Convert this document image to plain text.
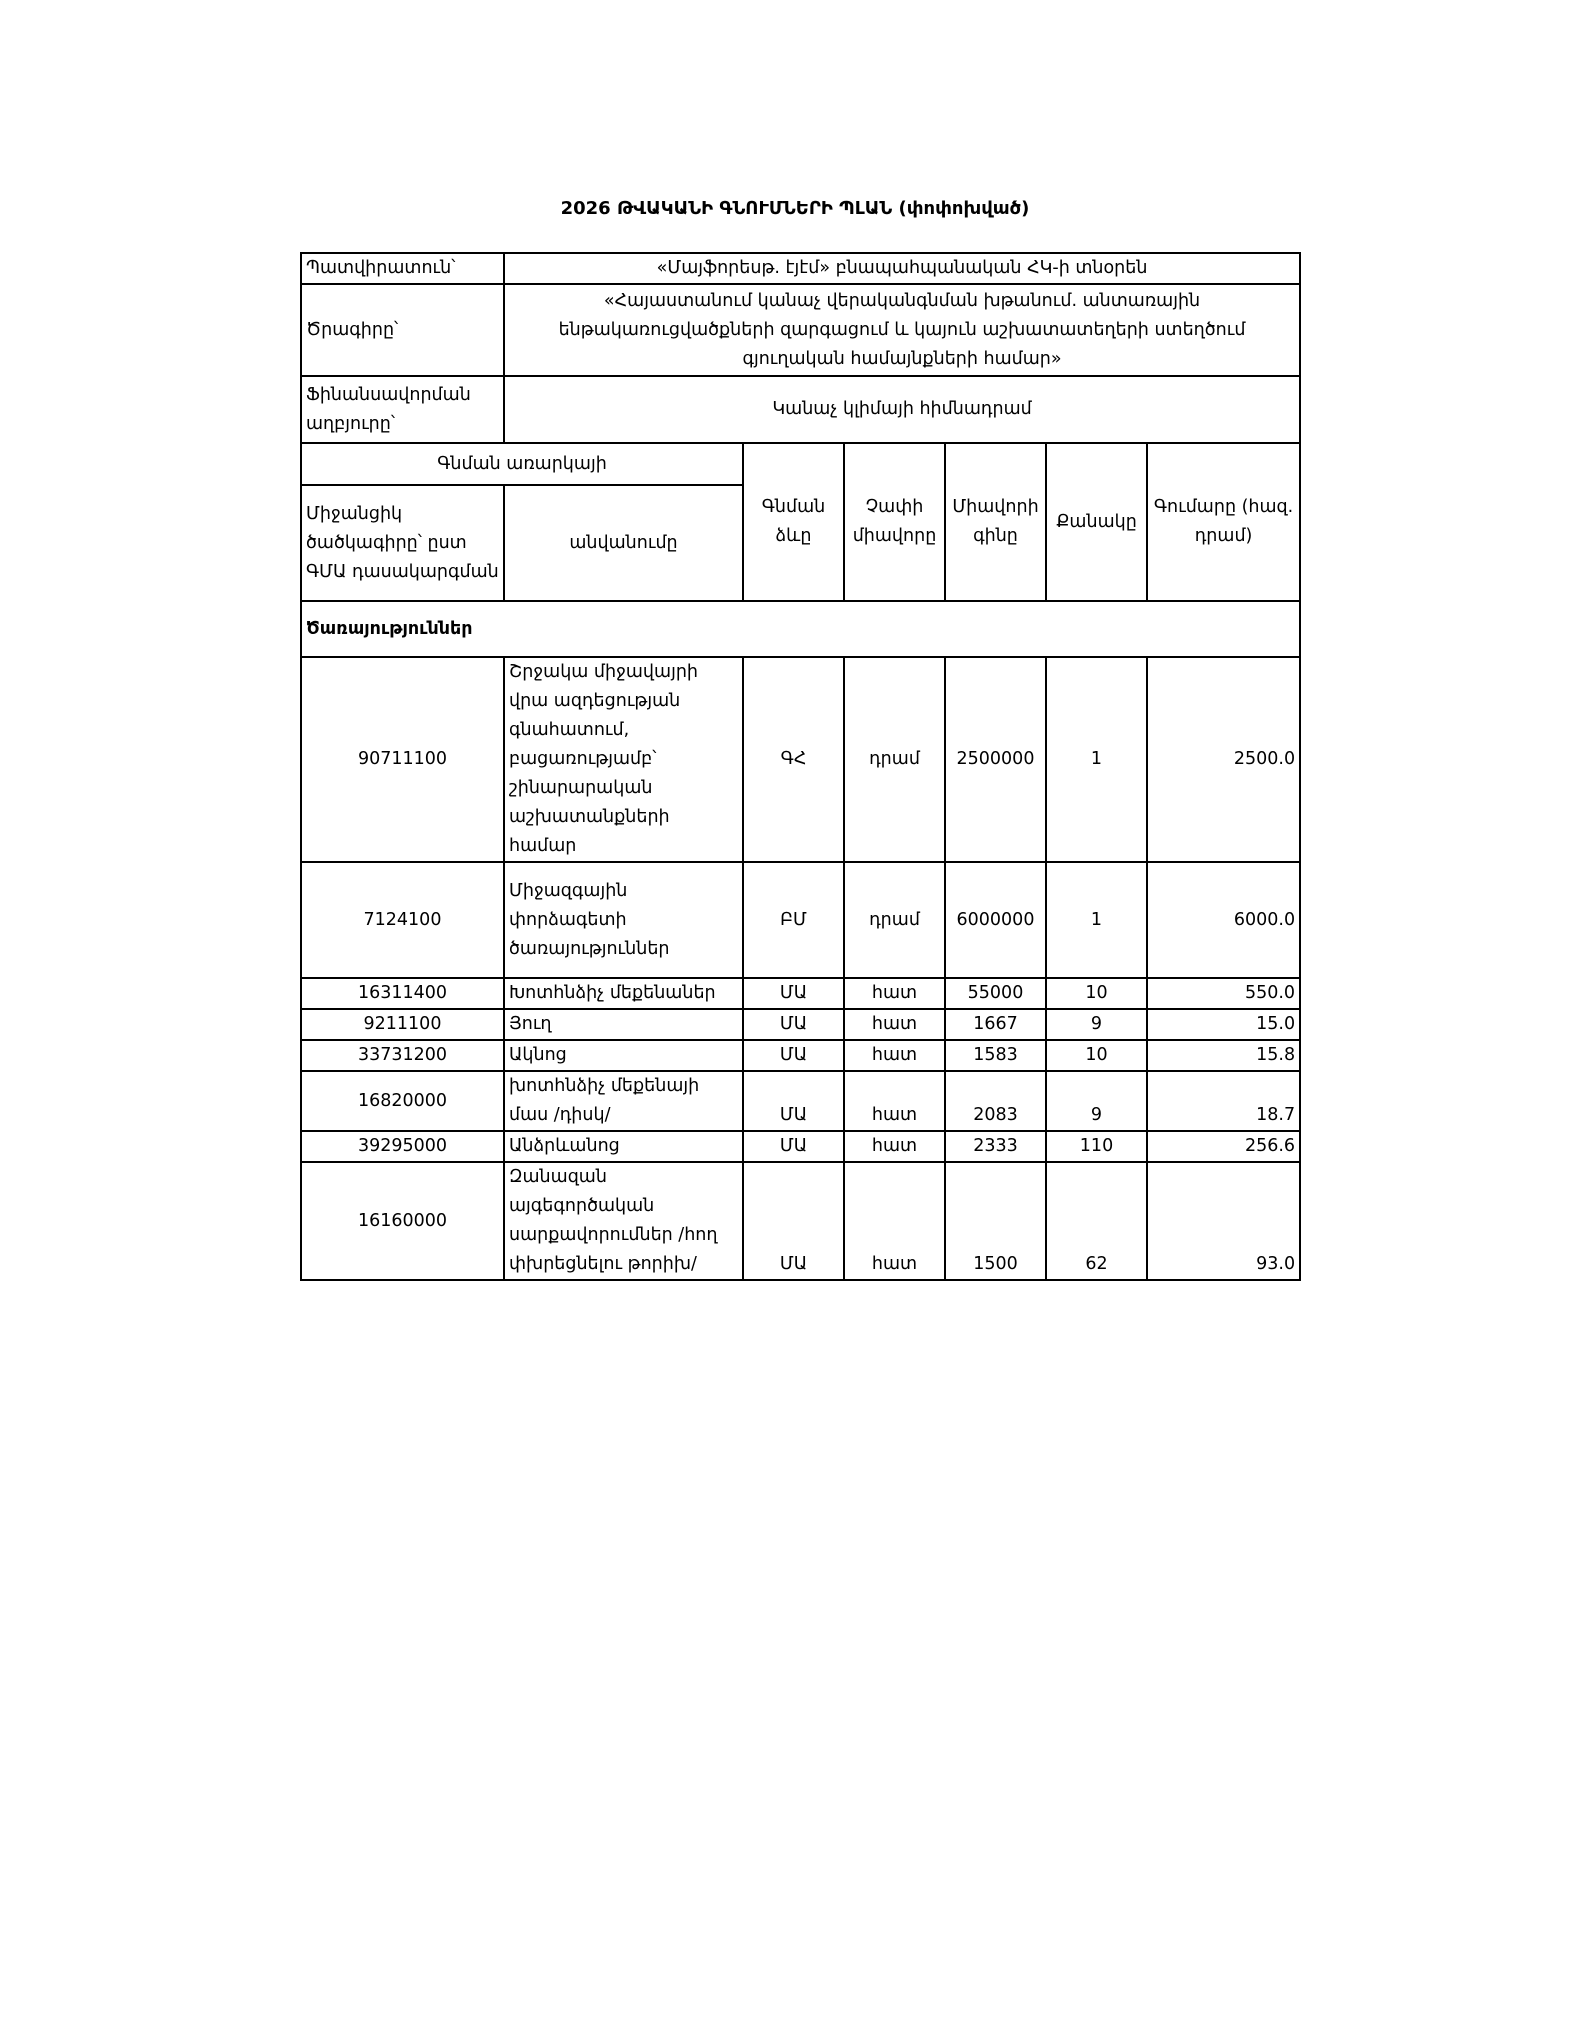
2026 ԹՎԱԿԱՆԻ ԳՆՈՒՄՆԵՐԻ ՊԼԱՆ (փոփոխված)
Պատվիրատուն՝	«Մայֆորեսթ. էյէմ» բնապահպանական ՀԿ-ի տնօրեն					
Ծրագիրը՝	«Հայաստանում կանաչ վերականգնման խթանում. անտառային ենթակառուցվածքների զարգացում և կայուն աշխատատեղերի ստեղծում գյուղական համայնքների համար»					
Ֆինանսավորման աղբյուրը՝	Կանաչ կլիմայի հիմնադրամ					
Գնման առարկայի		Գնման ձևը	Չափի միավորը	Միավորի գինը	Քանակը	Գումարը (հազ. դրամ)
Միջանցիկ ծածկագիրը՝ ըստ ԳՄԱ դասակարգման	անվանումը					
Ծառայություններ						
90711100	Շրջակա միջավայրի վրա ազդեցության գնահատում, բացառությամբ՝ շինարարական աշխատանքների համար	ԳՀ	դրամ	2500000	1	2500.0
7124100	Միջազգային փորձագետի ծառայություններ	ԲՄ	դրամ	6000000	1	6000.0
16311400	Խոտհնձիչ մեքենաներ	ՄԱ	հատ	55000	10	550.0
9211100	Յուղ	ՄԱ	հատ	1667	9	15.0
33731200	Ակնոց	ՄԱ	հատ	1583	10	15.8
16820000	խոտհնձիչ մեքենայի մաս /դիսկ/	ՄԱ	հատ	2083	9	18.7
39295000	Անձրևանոց	ՄԱ	հատ	2333	110	256.6
16160000	Զանազան այգեգործական սարքավորումներ /հող փխրեցնելու թորիխ/	ՄԱ	հատ	1500	62	93.0
